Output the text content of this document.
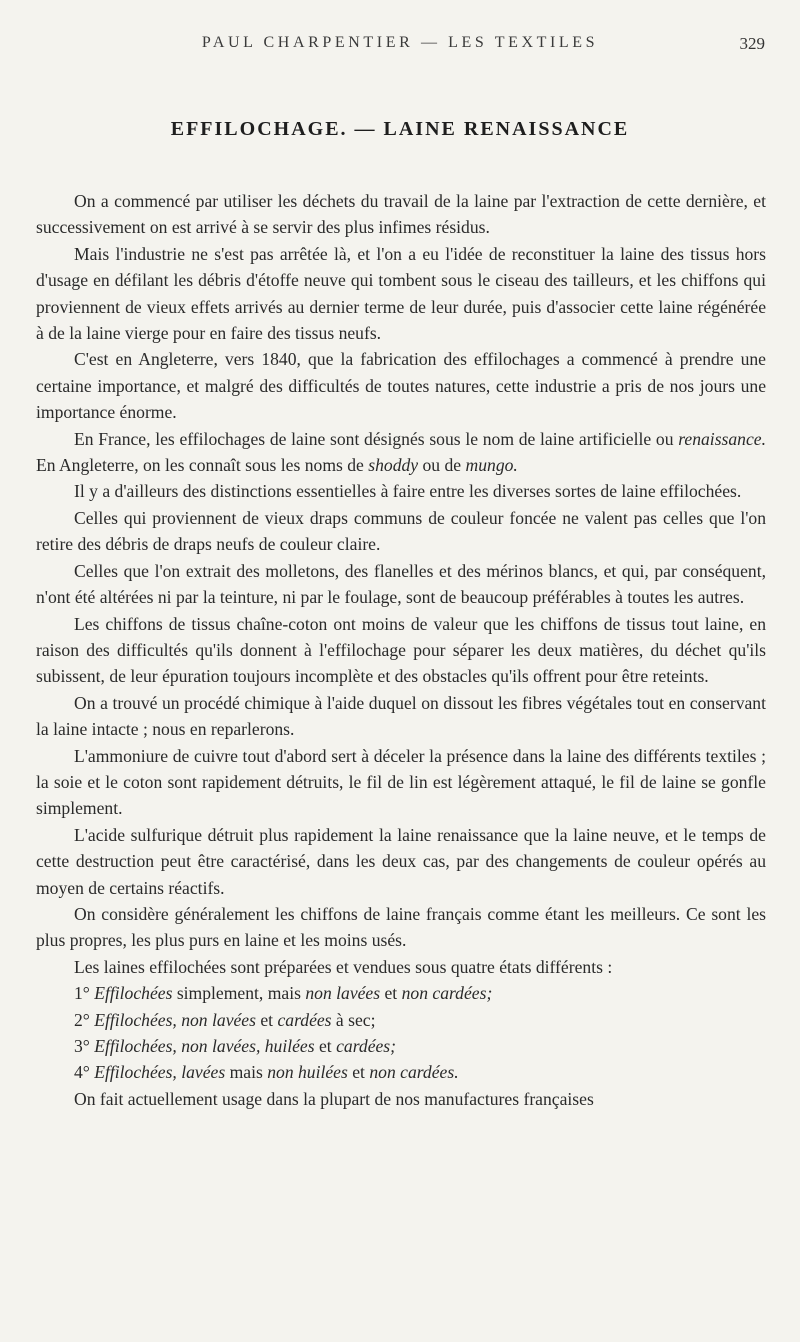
PAUL CHARPENTIER — LES TEXTILES	329
EFFILOCHAGE. — LAINE RENAISSANCE

On a commencé par utiliser les déchets du travail de la laine par l'extraction de cette dernière, et successivement on est arrivé à se servir des plus infimes résidus.

Mais l'industrie ne s'est pas arrêtée là, et l'on a eu l'idée de reconstituer la laine des tissus hors d'usage en défilant les débris d'étoffe neuve qui tombent sous le ciseau des tailleurs, et les chiffons qui proviennent de vieux effets arrivés au dernier terme de leur durée, puis d'associer cette laine régénérée à de la laine vierge pour en faire des tissus neufs.

C'est en Angleterre, vers 1840, que la fabrication des effilochages a commencé à prendre une certaine importance, et malgré des difficultés de toutes natures, cette industrie a pris de nos jours une importance énorme.

En France, les effilochages de laine sont désignés sous le nom de laine artificielle ou renaissance. En Angleterre, on les connaît sous les noms de shoddy ou de mungo.

Il y a d'ailleurs des distinctions essentielles à faire entre les diverses sortes de laine effilochées.

Celles qui proviennent de vieux draps communs de couleur foncée ne valent pas celles que l'on retire des débris de draps neufs de couleur claire.

Celles que l'on extrait des molletons, des flanelles et des mérinos blancs, et qui, par conséquent, n'ont été altérées ni par la teinture, ni par le foulage, sont de beaucoup préférables à toutes les autres.

Les chiffons de tissus chaîne-coton ont moins de valeur que les chiffons de tissus tout laine, en raison des difficultés qu'ils donnent à l'effilochage pour séparer les deux matières, du déchet qu'ils subissent, de leur épuration toujours incomplète et des obstacles qu'ils offrent pour être reteints.

On a trouvé un procédé chimique à l'aide duquel on dissout les fibres végétales tout en conservant la laine intacte ; nous en reparlerons.

L'ammoniure de cuivre tout d'abord sert à déceler la présence dans la laine des différents textiles ; la soie et le coton sont rapidement détruits, le fil de lin est légèrement attaqué, le fil de laine se gonfle simplement.

L'acide sulfurique détruit plus rapidement la laine renaissance que la laine neuve, et le temps de cette destruction peut être caractérisé, dans les deux cas, par des changements de couleur opérés au moyen de certains réactifs.

On considère généralement les chiffons de laine français comme étant les meilleurs. Ce sont les plus propres, les plus purs en laine et les moins usés.

Les laines effilochées sont préparées et vendues sous quatre états différents :

1° Effilochées simplement, mais non lavées et non cardées;

2° Effilochées, non lavées et cardées à sec;

3° Effilochées, non lavées, huilées et cardées;

4° Effilochées, lavées mais non huilées et non cardées.

On fait actuellement usage dans la plupart de nos manufactures françaises
